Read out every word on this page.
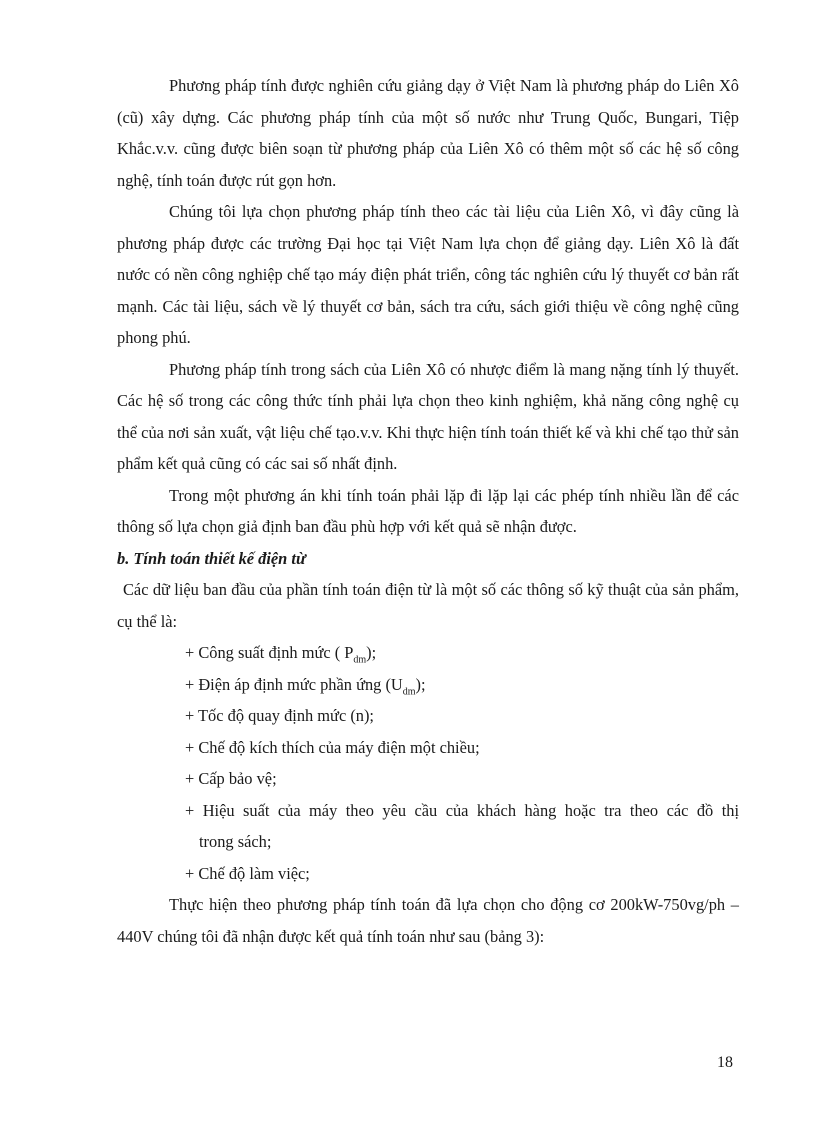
Phương pháp tính được nghiên cứu giảng dạy ở Việt Nam là phương pháp do Liên Xô (cũ) xây dựng. Các phương pháp tính của một số nước như Trung Quốc, Bungari, Tiệp Khắc.v.v. cũng được biên soạn từ phương pháp của Liên Xô có thêm một số các hệ số công nghệ, tính toán được rút gọn hơn.

Chúng tôi lựa chọn phương pháp tính theo các tài liệu của Liên Xô, vì đây cũng là phương pháp được các trường Đại học tại Việt Nam lựa chọn để giảng dạy. Liên Xô là đất nước có nền công nghiệp chế tạo máy điện phát triển, công tác nghiên cứu lý thuyết cơ bản rất mạnh. Các tài liệu, sách về lý thuyết cơ bản, sách tra cứu, sách giới thiệu về công nghệ cũng phong phú.

Phương pháp tính trong sách của Liên Xô có nhược điểm là mang nặng tính lý thuyết. Các hệ số trong các công thức tính phải lựa chọn theo kinh nghiệm, khả năng công nghệ cụ thể của nơi sản xuất, vật liệu chế tạo.v.v. Khi thực hiện tính toán thiết kế và khi chế tạo thử sản phẩm kết quả cũng có các sai số nhất định.

Trong một phương án khi tính toán phải lặp đi lặp lại các phép tính nhiều lần để các thông số lựa chọn giả định ban đầu phù hợp với kết quả sẽ nhận được.

b. Tính toán thiết kế điện từ

Các dữ liệu ban đầu của phần tính toán điện từ là một số các thông số kỹ thuật của sản phẩm, cụ thể là:

+ Công suất định mức ( $P_{dm}$);

+ Điện áp định mức phần ứng $(U_{dm})$;

+ Tốc độ quay định mức (n);

+ Chế độ kích thích của máy điện một chiều;

+ Cấp bảo vệ;

+ Hiệu suất của máy theo yêu cầu của khách hàng hoặc tra theo các đồ thị

trong sách;

+ Chế độ làm việc;

Thực hiện theo phương pháp tính toán đã lựa chọn cho động cơ 200kW-750vg/ph – 440V chúng tôi đã nhận được kết quả tính toán như sau (bảng 3):

18
